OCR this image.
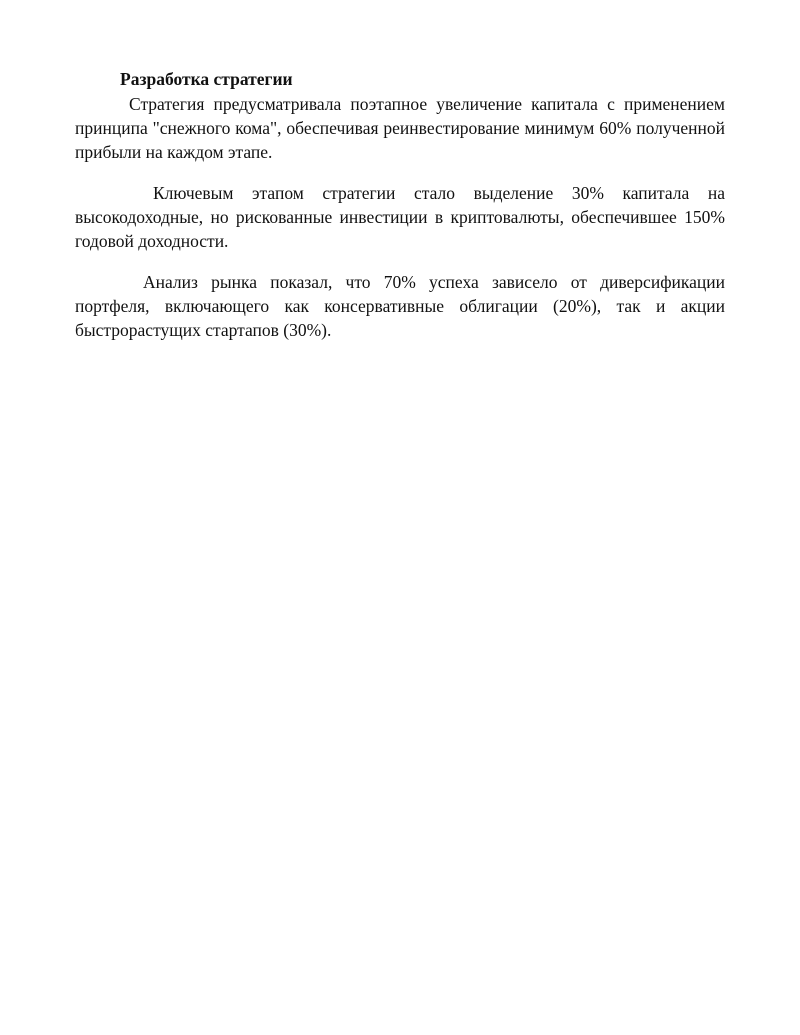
Разработка стратегии

Стратегия предусматривала поэтапное увеличение капитала с применением принципа "снежного кома", обеспечивая реинвестирование минимум 60% полученной прибыли на каждом этапе.

Ключевым этапом стратегии стало выделение 30% капитала на высокодоходные, но рискованные инвестиции в криптовалюты, обеспечившее 150% годовой доходности.

Анализ рынка показал, что 70% успеха зависело от диверсификации портфеля, включающего как консервативные облигации (20%), так и акции быстрорастущих стартапов (30%).
